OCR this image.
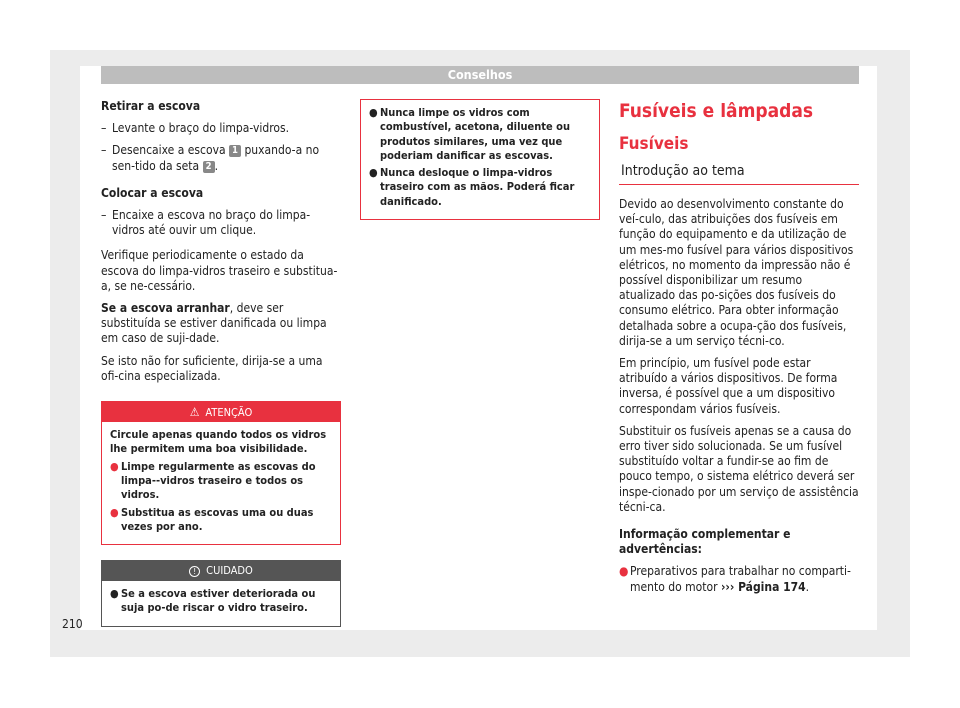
Conselhos
Retirar a escova
– Levante o braço do limpa-vidros.
– Desencaixe a escova 1 puxando-a no sen-tido da seta 2 .
Colocar a escova
– Encaixe a escova no braço do limpa-vidros até ouvir um clique.

Verifique periodicamente o estado da escova do limpa-vidros traseiro e substitua-a, se ne-cessário.

Se a escova arranhar, deve ser substituída se estiver danificada ou limpa em caso de suji-dade.

Se isto não for suficiente, dirija-se a uma ofi-cina especializada.

⚠ ATENÇÃO

Circule apenas quando todos os vidros lhe permitem uma boa visibilidade.

● Limpe regularmente as escovas do limpa--vidros traseiro e todos os vidros.
● Substitua as escovas uma ou duas vezes por ano.
! CUIDADO
● Se a escova estiver deteriorada ou suja po-de riscar o vidro traseiro.
● Nunca limpe os vidros com combustível, acetona, diluente ou produtos similares, uma vez que poderiam danificar as escovas.
● Nunca desloque o limpa-vidros traseiro com as mãos. Poderá ficar danificado.
Fusíveis e lâmpadas
Fusíveis
Introdução ao tema

Devido ao desenvolvimento constante do veí-culo, das atribuições dos fusíveis em função do equipamento e da utilização de um mes-mo fusível para vários dispositivos elétricos, no momento da impressão não é possível disponibilizar um resumo atualizado das po-sições dos fusíveis do consumo elétrico. Para obter informação detalhada sobre a ocupa-ção dos fusíveis, dirija-se a um serviço técni-co.

Em princípio, um fusível pode estar atribuído a vários dispositivos. De forma inversa, é possível que a um dispositivo correspondam vários fusíveis.

Substituir os fusíveis apenas se a causa do erro tiver sido solucionada. Se um fusível substituído voltar a fundir-se ao fim de pouco tempo, o sistema elétrico deverá ser inspe-cionado por um serviço de assistência técni-ca.

Informação complementar e advertências:
● Preparativos para trabalhar no comparti-mento do motor ››› Página 174.
210
